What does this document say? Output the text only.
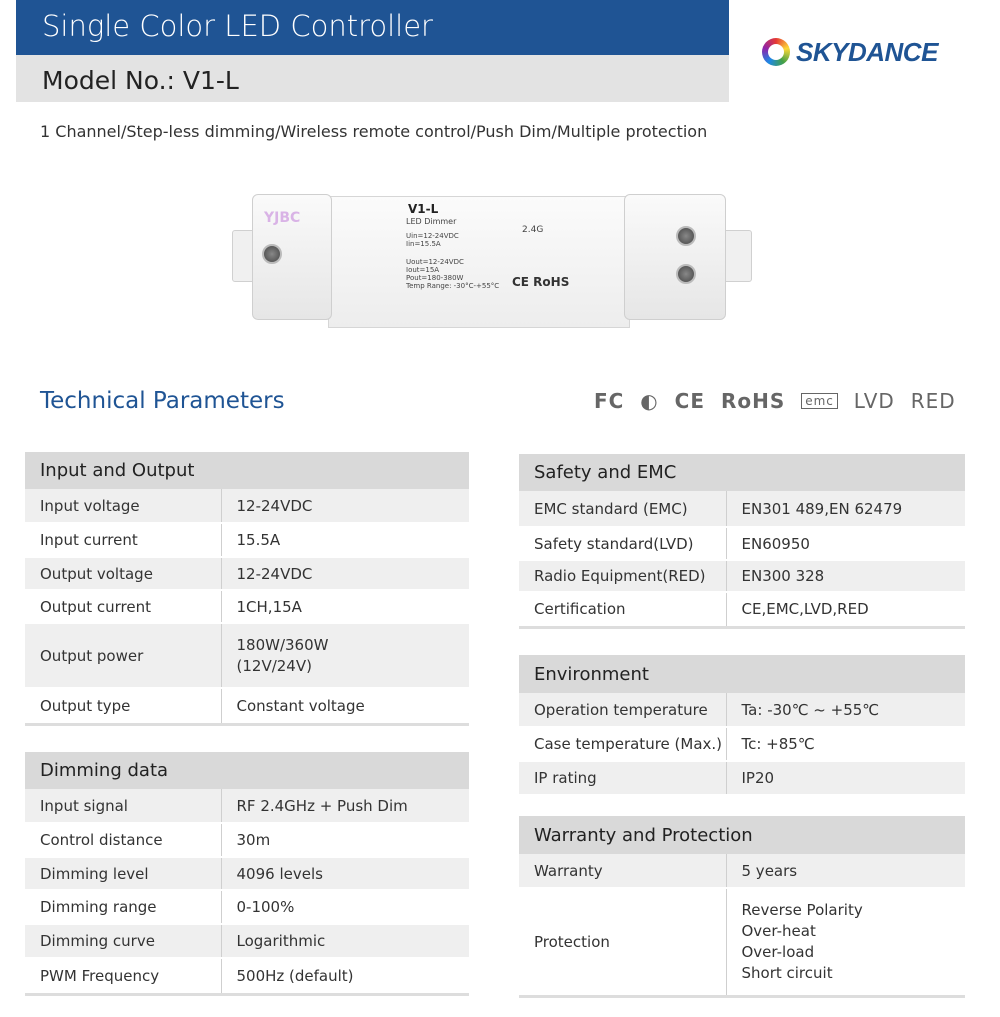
Single Color LED Controller
Model No.: V1-L
SKYDANCE
1 Channel/Step-less dimming/Wireless remote control/Push Dim/Multiple protection
YJBC
V1-L
LED Dimmer
Uin=12-24VDC
Iin=15.5A
Uout=12-24VDC
Iout=15A
Pout=180-380W
Temp Range: -30°C-+55°C
2.4G
CE RoHS
Technical Parameters	FC  ◐  CE RoHS emc LVD RED
Input and Output	
Input voltage	12-24VDC
Input current	15.5A
Output voltage	12-24VDC
Output current	1CH,15A
Output power	180W/360W
(12V/24V)

Output type	Constant voltage
Dimming data	
Input signal	RF 2.4GHz + Push Dim
Control distance	30m
Dimming level	4096 levels
Dimming range	0-100%
Dimming curve	Logarithmic
PWM Frequency	500Hz (default)
Safety and EMC	
EMC standard (EMC)	EN301 489,EN 62479
Safety standard(LVD)	EN60950
Radio Equipment(RED)	EN300 328
Certification	CE,EMC,LVD,RED
Environment	
Operation temperature	Ta: -30℃ ~ +55℃
Case temperature (Max.)	Tc: +85℃
IP rating	IP20
Warranty and Protection	
Warranty	5 years
Protection	Reverse Polarity
Over-heat
Over-load
Short circuit
